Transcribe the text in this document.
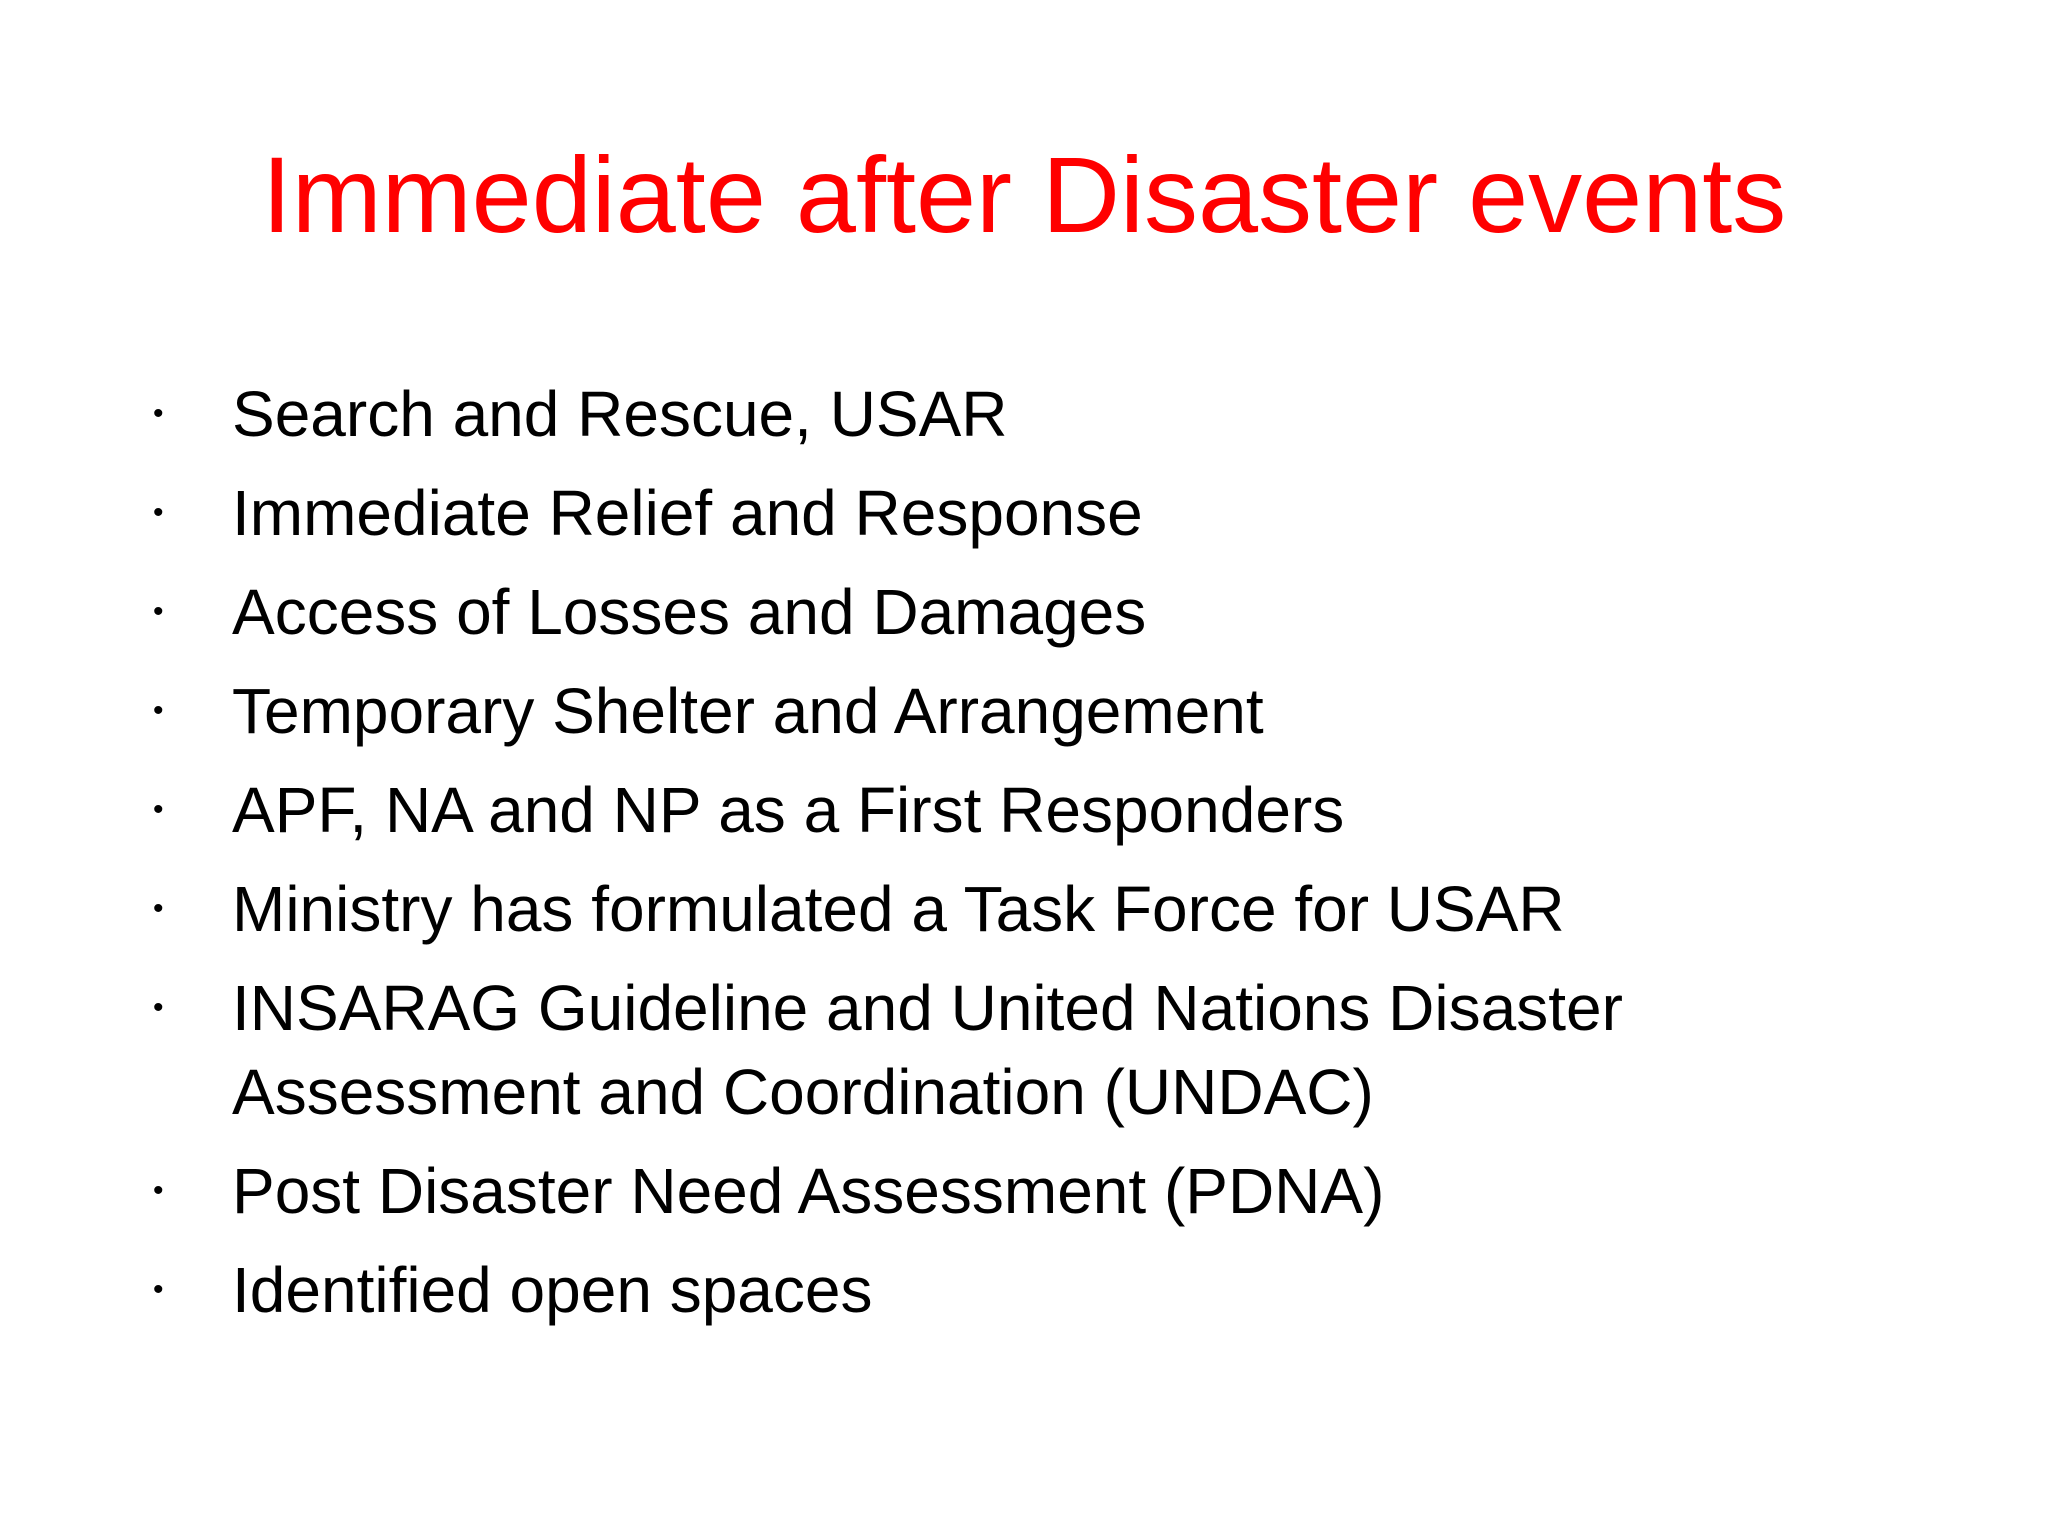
Immediate after Disaster events
• Search and Rescue, USAR
• Immediate Relief and Response
• Access of Losses and Damages
• Temporary Shelter and Arrangement
• APF, NA and NP as a First Responders
• Ministry has formulated a Task Force for USAR
• INSARAG Guideline and United Nations Disaster Assessment and Coordination (UNDAC)
• Post Disaster Need Assessment (PDNA)
• Identified open spaces
